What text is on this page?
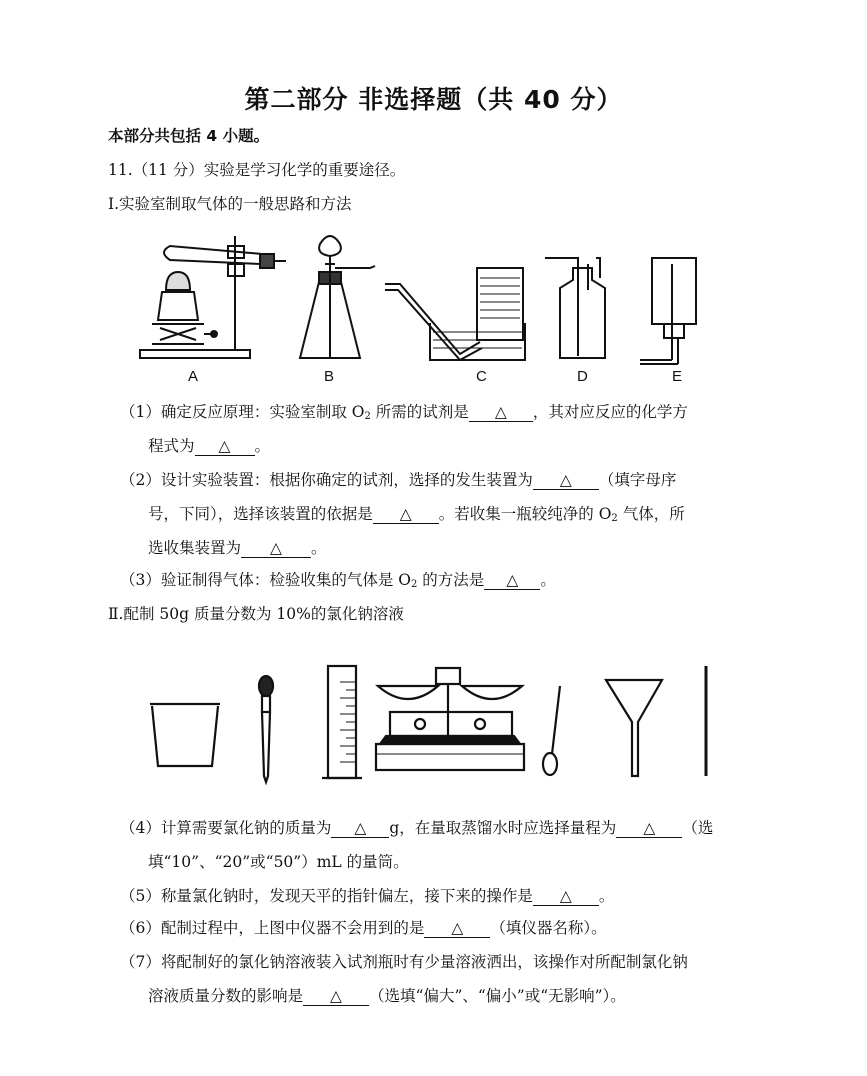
第二部分 非选择题（共 40 分）
本部分共包括 4 小题。
11.（11 分）实验是学习化学的重要途径。
I.实验室制取气体的一般思路和方法
A	B	C	D	E
（1）确定反应原理：实验室制取 $O_2$ 所需的试剂是 △ ，其对应反应的化学方
程式为 △ 。
（2）设计实验装置：根据你确定的试剂，选择的发生装置为 △ （填字母序
号，下同），选择该装置的依据是 △ 。若收集一瓶较纯净的 $O_2$ 气体，所
选收集装置为 △ 。
（3）验证制得气体：检验收集的气体是 $O_2$ 的方法是 △ 。
Ⅱ.配制 50g 质量分数为 10%的氯化钠溶液
（4）计算需要氯化钠的质量为 △ g，在量取蒸馏水时应选择量程为 △ （选
填“10”、“20”或“50”）mL 的量筒。
（5）称量氯化钠时，发现天平的指针偏左，接下来的操作是 △ 。
（6）配制过程中，上图中仪器不会用到的是 △ （填仪器名称）。
（7）将配制好的氯化钠溶液装入试剂瓶时有少量溶液洒出，该操作对所配制氯化钠
溶液质量分数的影响是 △ （选填“偏大”、“偏小”或“无影响”）。
